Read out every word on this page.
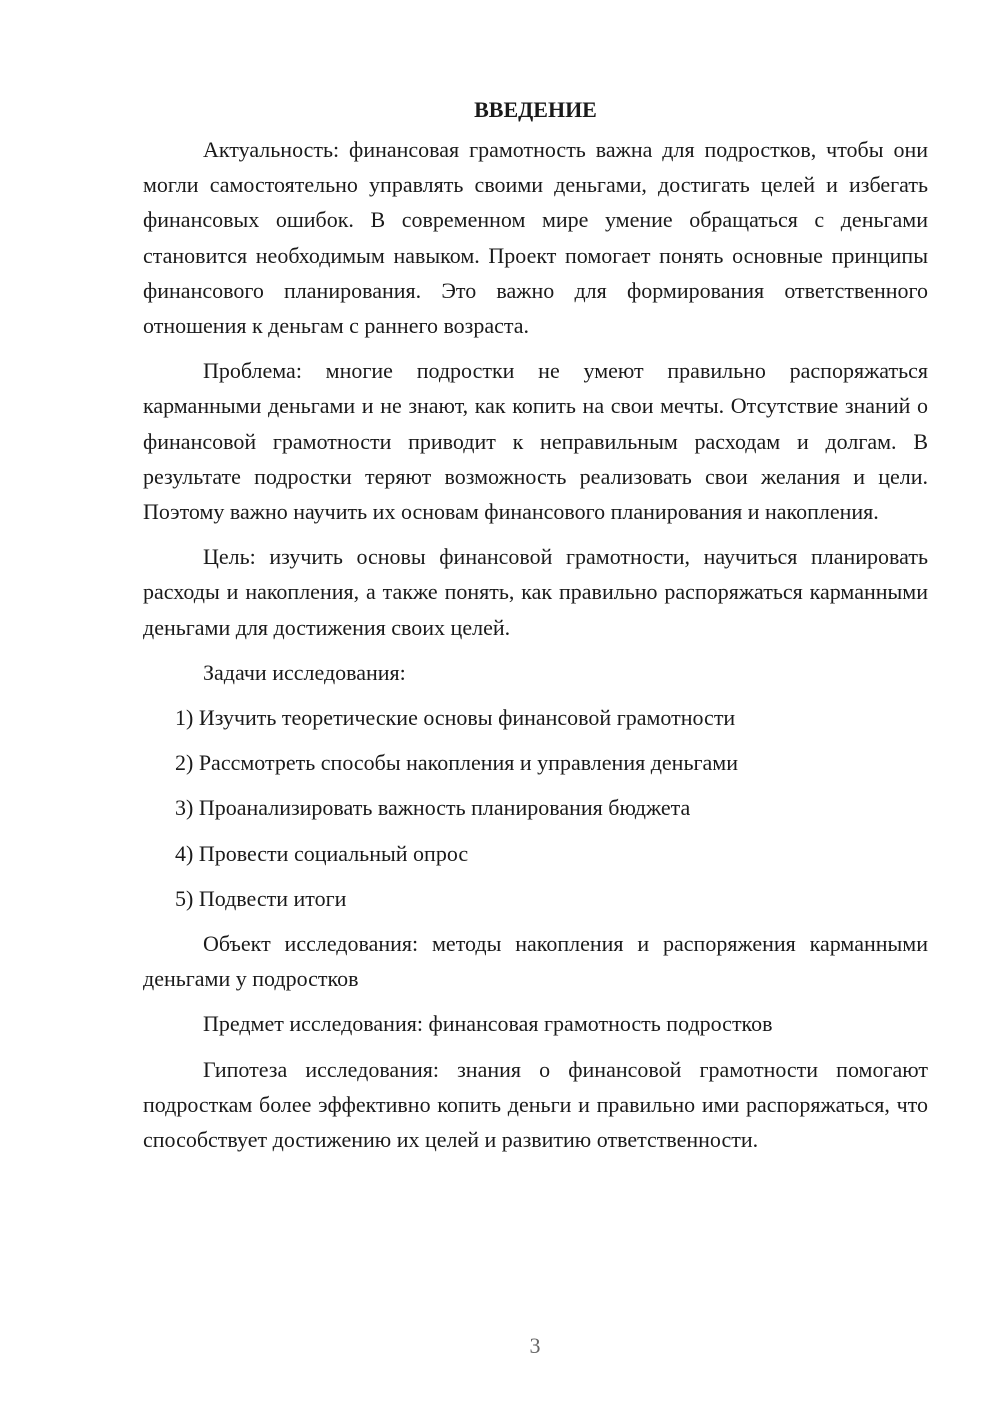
ВВЕДЕНИЕ

Актуальность: финансовая грамотность важна для подростков, чтобы они могли самостоятельно управлять своими деньгами, достигать целей и избегать финансовых ошибок. В современном мире умение обращаться с деньгами становится необходимым навыком. Проект помогает понять основные принципы финансового планирования. Это важно для формирования ответственного отношения к деньгам с раннего возраста.

Проблема: многие подростки не умеют правильно распоряжаться карманными деньгами и не знают, как копить на свои мечты. Отсутствие знаний о финансовой грамотности приводит к неправильным расходам и долгам. В результате подростки теряют возможность реализовать свои желания и цели. Поэтому важно научить их основам финансового планирования и накопления.

Цель: изучить основы финансовой грамотности, научиться планировать расходы и накопления, а также понять, как правильно распоряжаться карманными деньгами для достижения своих целей.

Задачи исследования:

1) Изучить теоретические основы финансовой грамотности
2) Рассмотреть способы накопления и управления деньгами
3) Проанализировать важность планирования бюджета
4) Провести социальный опрос
5) Подвести итоги

Объект исследования: методы накопления и распоряжения карманными деньгами у подростков

Предмет исследования: финансовая грамотность подростков

Гипотеза исследования: знания о финансовой грамотности помогают подросткам более эффективно копить деньги и правильно ими распоряжаться, что способствует достижению их целей и развитию ответственности.

3
